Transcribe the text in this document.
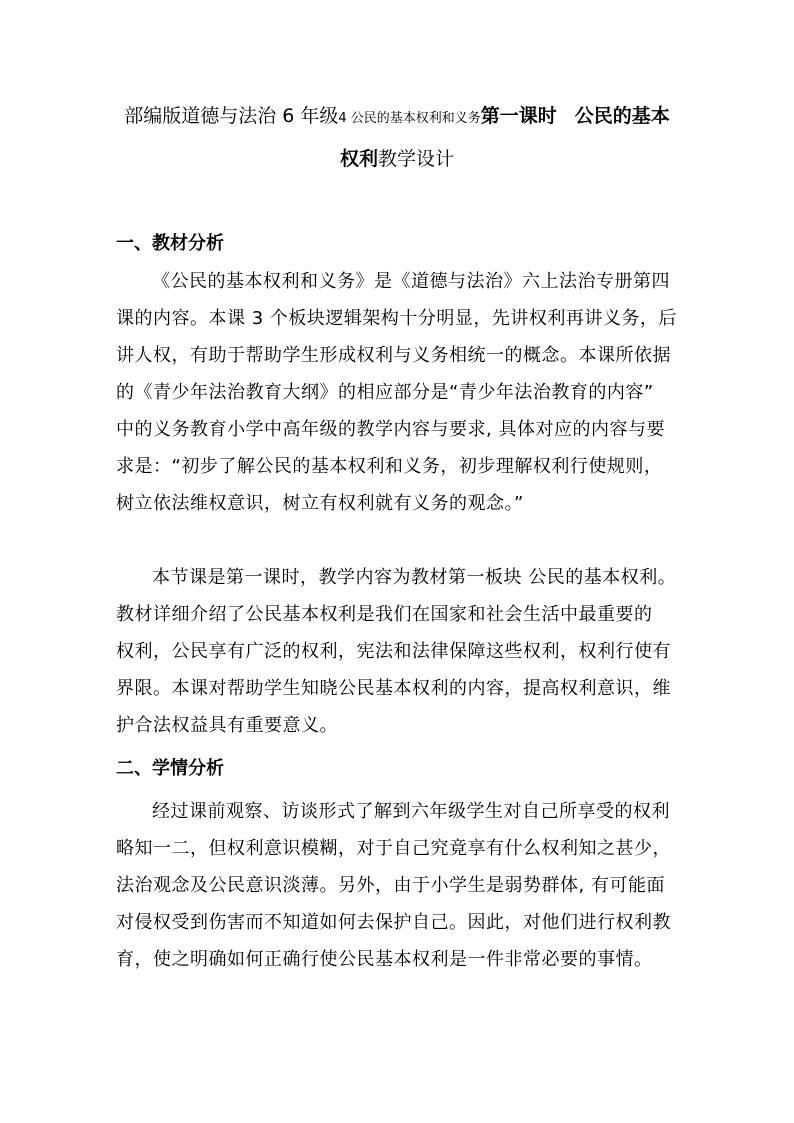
部编版道德与法治 6 年级4 公民的基本权利和义务第一课时 公民的基本
权利教学设计
一、教材分析
《公民的基本权利和义务》是《道德与法治》六上法治专册第四
课的内容。本课 3 个板块逻辑架构十分明显，先讲权利再讲义务，后
讲人权，有助于帮助学生形成权利与义务相统一的概念。本课所依据
的《青少年法治教育大纲》的相应部分是“青少年法治教育的内容”
中的义务教育小学中高年级的教学内容与要求, 具体对应的内容与要
求是：“初步了解公民的基本权利和义务，初步理解权利行使规则，
树立依法维权意识，树立有权利就有义务的观念。”
本节课是第一课时，教学内容为教材第一板块 公民的基本权利。
教材详细介绍了公民基本权利是我们在国家和社会生活中最重要的
权利，公民享有广泛的权利，宪法和法律保障这些权利，权利行使有
界限。本课对帮助学生知晓公民基本权利的内容，提高权利意识，维
护合法权益具有重要意义。
二、学情分析
经过课前观察、访谈形式了解到六年级学生对自己所享受的权利
略知一二，但权利意识模糊，对于自己究竟享有什么权利知之甚少，
法治观念及公民意识淡薄。另外，由于小学生是弱势群体, 有可能面
对侵权受到伤害而不知道如何去保护自己。因此，对他们进行权利教
育，使之明确如何正确行使公民基本权利是一件非常必要的事情。
